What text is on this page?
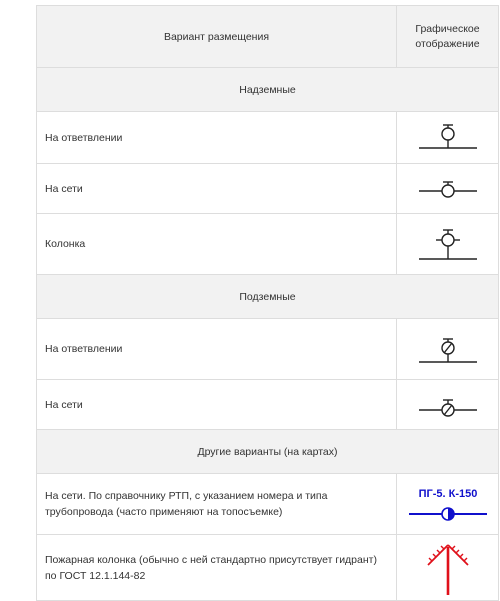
Вариант размещения	Графическое отображение
Надземные	
На ответвлении	

На сети	

Колонка	

Подземные	
На ответвлении	

На сети	

Другие варианты (на картах)	
На сети. По справочнику РТП, с указанием номера и типа трубопровода (часто применяют на топосъемке)	ПГ-5. К-150

Пожарная колонка (обычно с ней стандартно присутствует гидрант) по ГОСТ 12.1.144-82	
